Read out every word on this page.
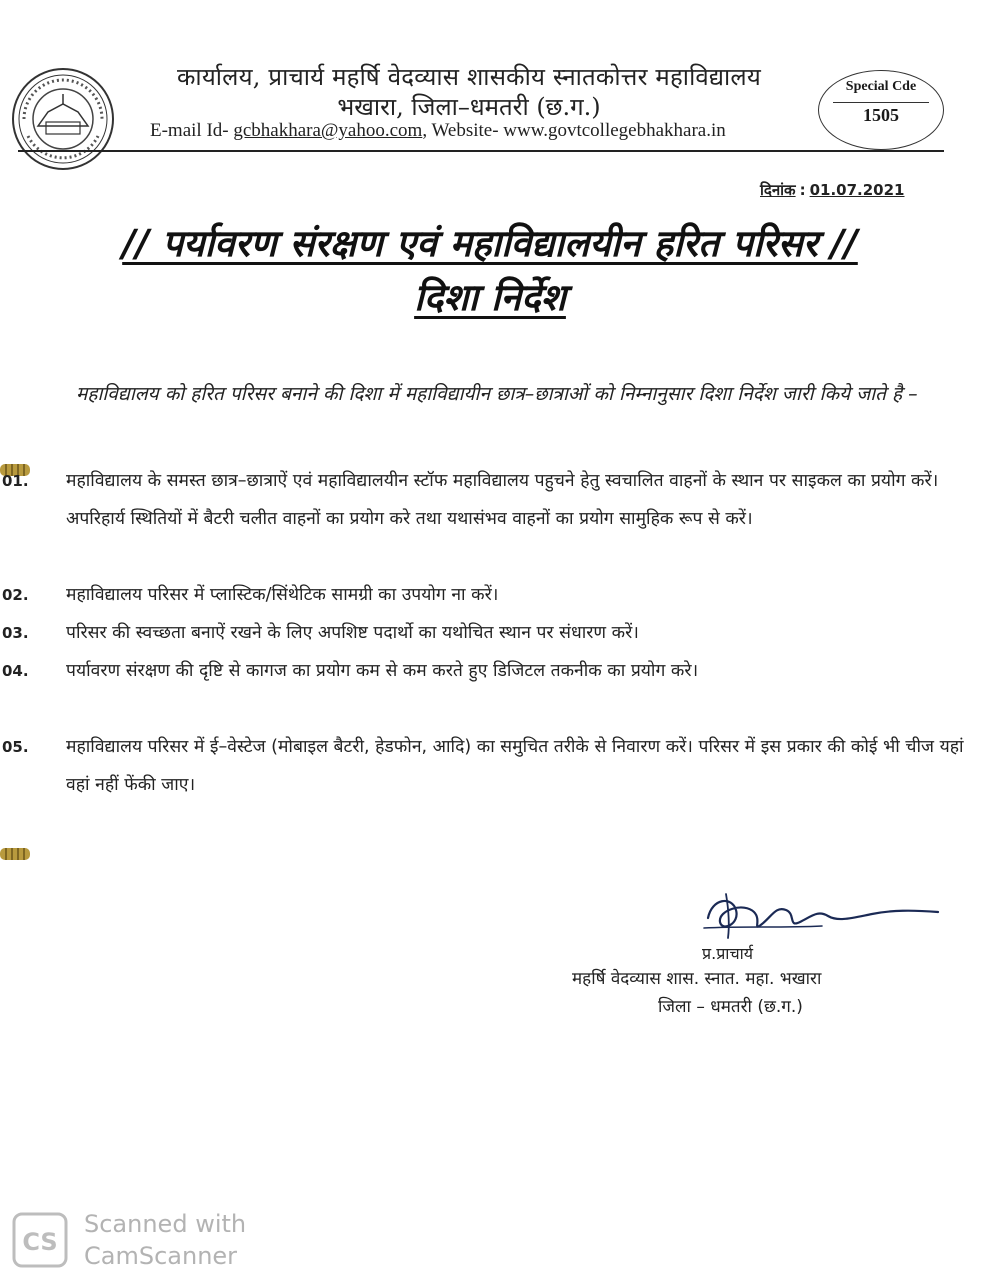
कार्यालय, प्राचार्य महर्षि वेदव्यास शासकीय स्नातकोत्तर महाविद्यालय
भखारा, जिला–धमतरी (छ.ग.)
E-mail Id- gcbhakhara@yahoo.com, Website- www.govtcollegebhakhara.in
Special Cde
1505
दिनांक : 01.07.2021
// पर्यावरण संरक्षण एवं महाविद्यालयीन हरित परिसर //
दिशा निर्देश
महाविद्यालय को हरित परिसर बनाने की दिशा में महाविद्यायीन छात्र–छात्राओं को निम्नानुसार दिशा निर्देश जारी किये जाते है –
01. महाविद्यालय के समस्त छात्र–छात्राऐं एवं महाविद्यालयीन स्टॉफ महाविद्यालय पहुचने हेतु स्वचालित वाहनों के स्थान पर साइकल का प्रयोग करें। अपरिहार्य स्थितियों में बैटरी चलीत वाहनों का प्रयोग करे तथा यथासंभव वाहनों का प्रयोग सामुहिक रूप से करें।
02. महाविद्यालय परिसर में प्लास्टिक/सिंथेटिक सामग्री का उपयोग ना करें।
03. परिसर की स्वच्छता बनाऐं रखने के लिए अपशिष्ट पदार्थो का यथोचित स्थान पर संधारण करें।
04. पर्यावरण संरक्षण की दृष्टि से कागज का प्रयोग कम से कम करते हुए डिजिटल तकनीक का प्रयोग करे।
05. महाविद्यालय परिसर में ई–वेस्टेज (मोबाइल बैटरी, हेडफोन, आदि) का समुचित तरीके से निवारण करें। परिसर में इस प्रकार की कोई भी चीज यहां वहां नहीं फेंकी जाए।
प्र.प्राचार्य
महर्षि वेदव्यास शास. स्नात. महा. भखारा
जिला – धमतरी (छ.ग.)
CS
Scanned with
CamScanner
